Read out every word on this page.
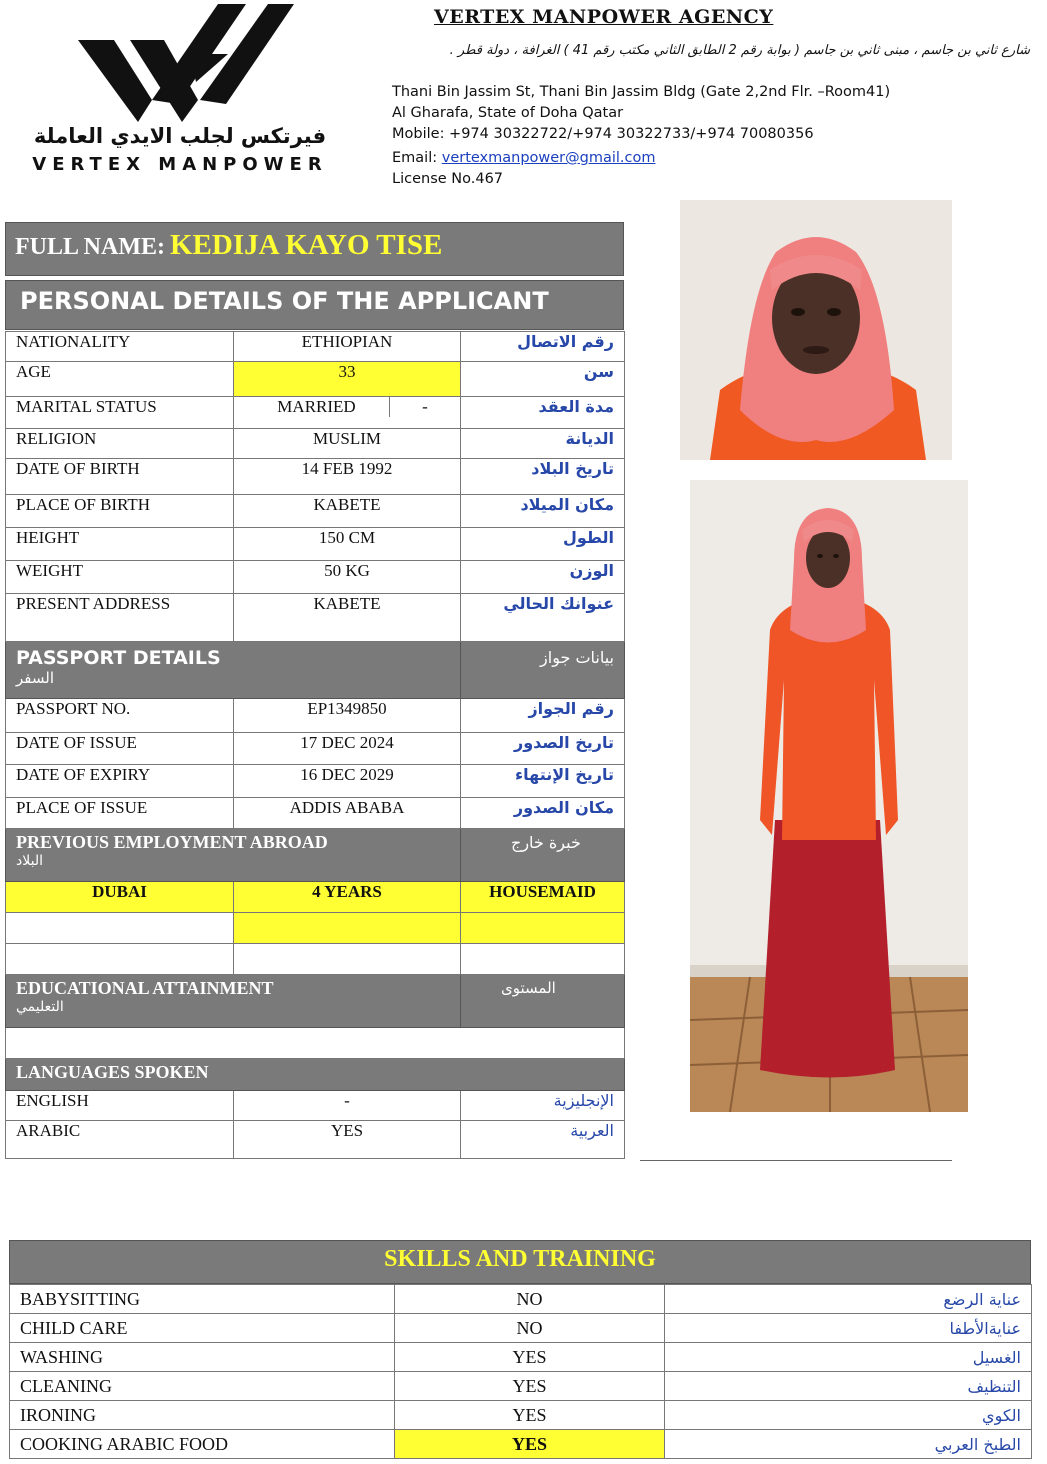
فيرتكس لجلب الايدي العاملة
VERTEX MANPOWER
VERTEX MANPOWER AGENCY
شارع ثاني بن جاسم ، مبنى ثاني بن جاسم ( بوابة رقم 2 الطابق الثاني مكتب رقم 41 ) الغرافة ، دولة قطر .
Thani Bin Jassim St, Thani Bin Jassim Bldg (Gate 2,2nd Flr. –Room41)
Al Gharafa, State of Doha Qatar
Mobile: +974 30322722/+974 30322733/+974 70080356
Email: vertexmanpower@gmail.com
License No.467
FULL NAME: KEDIJA KAYO TISE
PERSONAL DETAILS OF THE APPLICANT
NATIONALITY	ETHIOPIAN	رقم الاتصال
AGE	33	سن
MARITAL STATUS	MARRIED -	مدة العقد
RELIGION	MUSLIM	الديانة
DATE OF BIRTH	14 FEB 1992	تاريخ البلاد
PLACE OF BIRTH	KABETE	مكان الميلاد
HEIGHT	150 CM	الطول
WEIGHT	50 KG	الوزن
PRESENT ADDRESS	KABETE	عنوانك الحالي
PASSPORT DETAILS
السفر		بيانات جواز
PASSPORT NO.	EP1349850	رقم الجواز
DATE OF ISSUE	17 DEC 2024	تاريخ الصدور
DATE OF EXPIRY	16 DEC 2029	تاريخ الإنتهاء
PLACE OF ISSUE	ADDIS ABABA	مكان الصدور
PREVIOUS EMPLOYMENT ABROAD
البلاد		خبرة خارج
DUBAI	4 YEARS	HOUSEMAID

EDUCATIONAL ATTAINMENT
التعليمي		المستوى

LANGUAGES SPOKEN		
ENGLISH	-	الإنجليزية
ARABIC	YES	العربية
SKILLS AND TRAINING
BABYSITTING	NO	عناية الرضع
CHILD CARE	NO	عنايةالأطفا
WASHING	YES	الغسيل
CLEANING	YES	التنظيف
IRONING	YES	الكوي
COOKING ARABIC FOOD	YES	الطبخ العربي
